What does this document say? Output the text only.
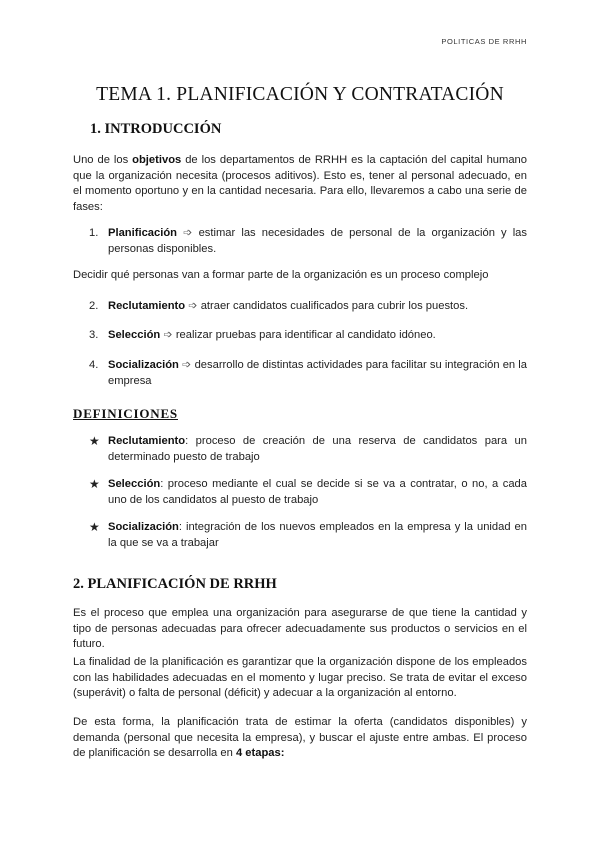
POLITICAS DE RRHH
TEMA 1. PLANIFICACIÓN Y CONTRATACIÓN
1. INTRODUCCIÓN
Uno de los objetivos de los departamentos de RRHH es la captación del capital humano que la organización necesita (procesos aditivos). Esto es, tener al personal adecuado, en el momento oportuno y en la cantidad necesaria. Para ello, llevaremos a cabo una serie de fases:
1. Planificación ➩ estimar las necesidades de personal de la organización y las personas disponibles.
Decidir qué personas van a formar parte de la organización es un proceso complejo
2. Reclutamiento ➩ atraer candidatos cualificados para cubrir los puestos.
3. Selección ➩ realizar pruebas para identificar al candidato idóneo.
4. Socialización ➩ desarrollo de distintas actividades para facilitar su integración en la empresa
DEFINICIONES
★ Reclutamiento: proceso de creación de una reserva de candidatos para un determinado puesto de trabajo
★ Selección: proceso mediante el cual se decide si se va a contratar, o no, a cada uno de los candidatos al puesto de trabajo
★ Socialización: integración de los nuevos empleados en la empresa y la unidad en la que se va a trabajar
2. PLANIFICACIÓN DE RRHH
Es el proceso que emplea una organización para asegurarse de que tiene la cantidad y tipo de personas adecuadas para ofrecer adecuadamente sus productos o servicios en el futuro.
La finalidad de la planificación es garantizar que la organización dispone de los empleados con las habilidades adecuadas en el momento y lugar preciso. Se trata de evitar el exceso (superávit) o falta de personal (déficit) y adecuar a la organización al entorno.
De esta forma, la planificación trata de estimar la oferta (candidatos disponibles) y demanda (personal que necesita la empresa), y buscar el ajuste entre ambas. El proceso de planificación se desarrolla en 4 etapas:
